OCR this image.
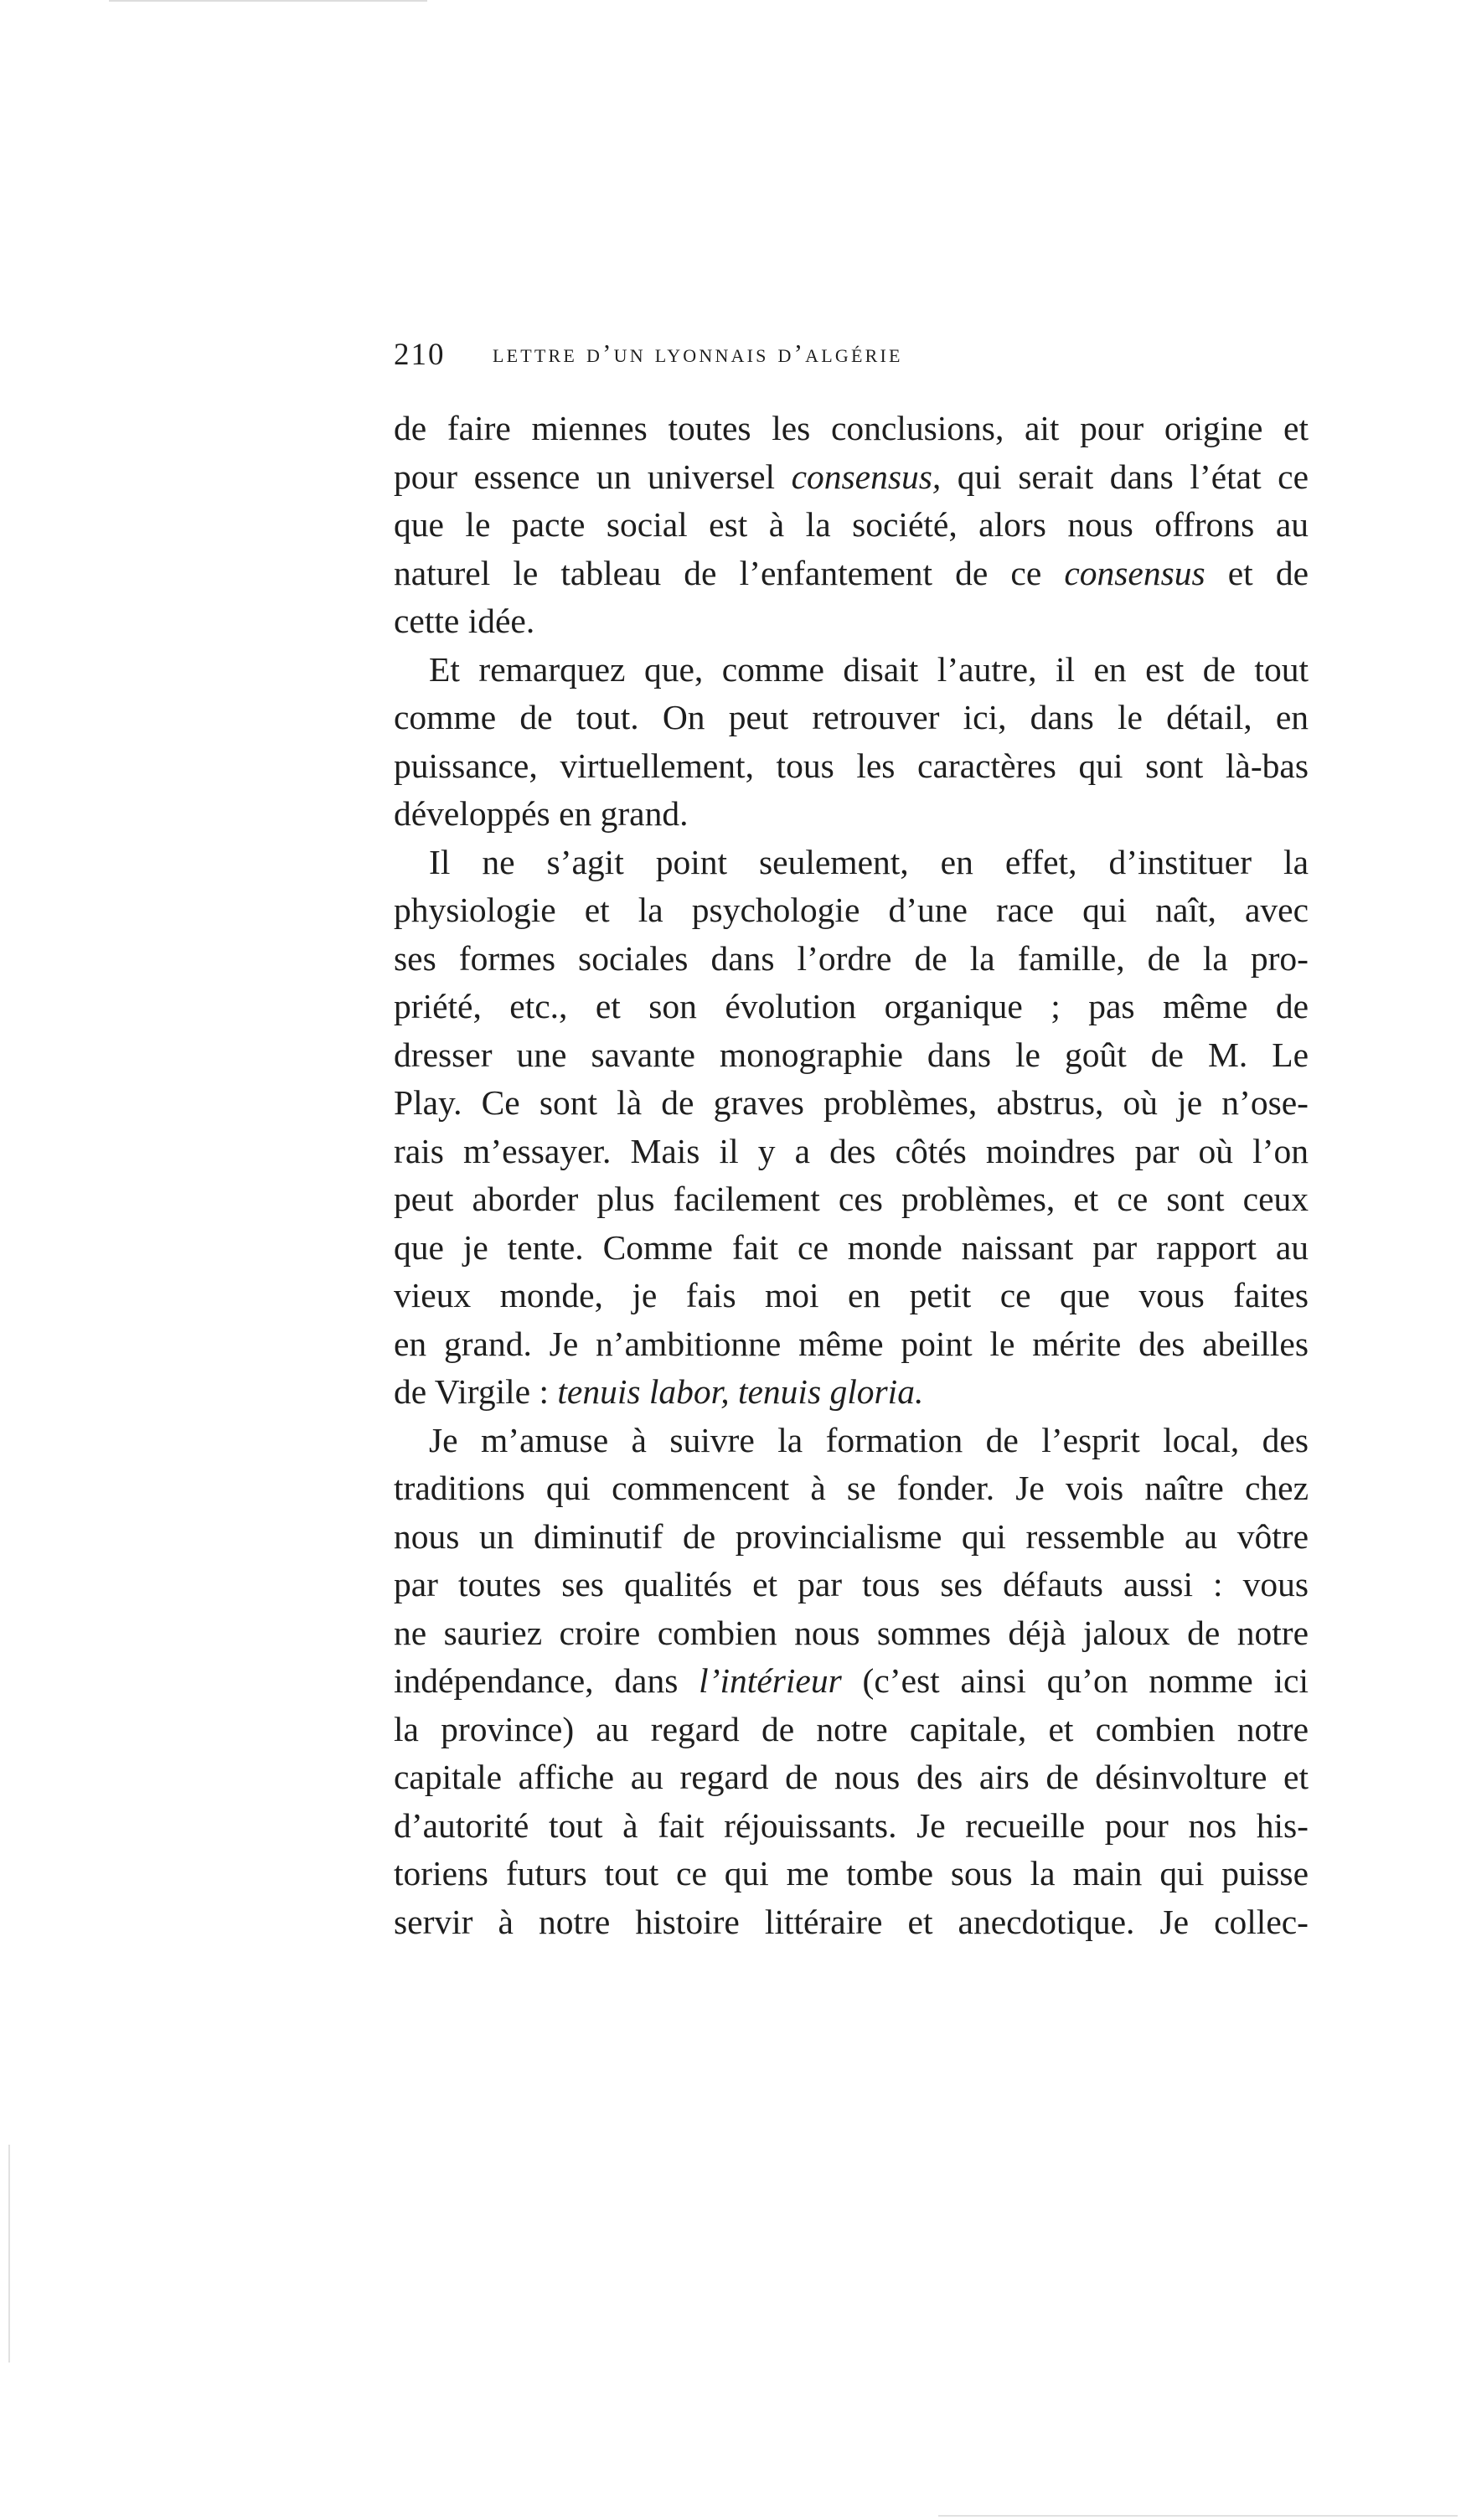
210 lettre d’un lyonnais d’algérie

de faire miennes toutes les conclusions, ait pour origine et
pour essence un universel consensus, qui serait dans l’état ce
que le pacte social est à la société, alors nous offrons au
naturel le tableau de l’enfantement de ce consensus et de
cette idée.

Et remarquez que, comme disait l’autre, il en est de tout
comme de tout. On peut retrouver ici, dans le détail, en
puissance, virtuellement, tous les caractères qui sont là-bas
développés en grand.

Il ne s’agit point seulement, en effet, d’instituer la
physiologie et la psychologie d’une race qui naît, avec
ses formes sociales dans l’ordre de la famille, de la pro-
priété, etc., et son évolution organique ; pas même de
dresser une savante monographie dans le goût de M. Le
Play. Ce sont là de graves problèmes, abstrus, où je n’ose-
rais m’essayer. Mais il y a des côtés moindres par où l’on
peut aborder plus facilement ces problèmes, et ce sont ceux
que je tente. Comme fait ce monde naissant par rapport au
vieux monde, je fais moi en petit ce que vous faites
en grand. Je n’ambitionne même point le mérite des abeilles
de Virgile : tenuis labor, tenuis gloria.

Je m’amuse à suivre la formation de l’esprit local, des
traditions qui commencent à se fonder. Je vois naître chez
nous un diminutif de provincialisme qui ressemble au vôtre
par toutes ses qualités et par tous ses défauts aussi : vous
ne sauriez croire combien nous sommes déjà jaloux de notre
indépendance, dans l’intérieur (c’est ainsi qu’on nomme ici
la province) au regard de notre capitale, et combien notre
capitale affiche au regard de nous des airs de désinvolture et
d’autorité tout à fait réjouissants. Je recueille pour nos his-
toriens futurs tout ce qui me tombe sous la main qui puisse
servir à notre histoire littéraire et anecdotique. Je collec-
